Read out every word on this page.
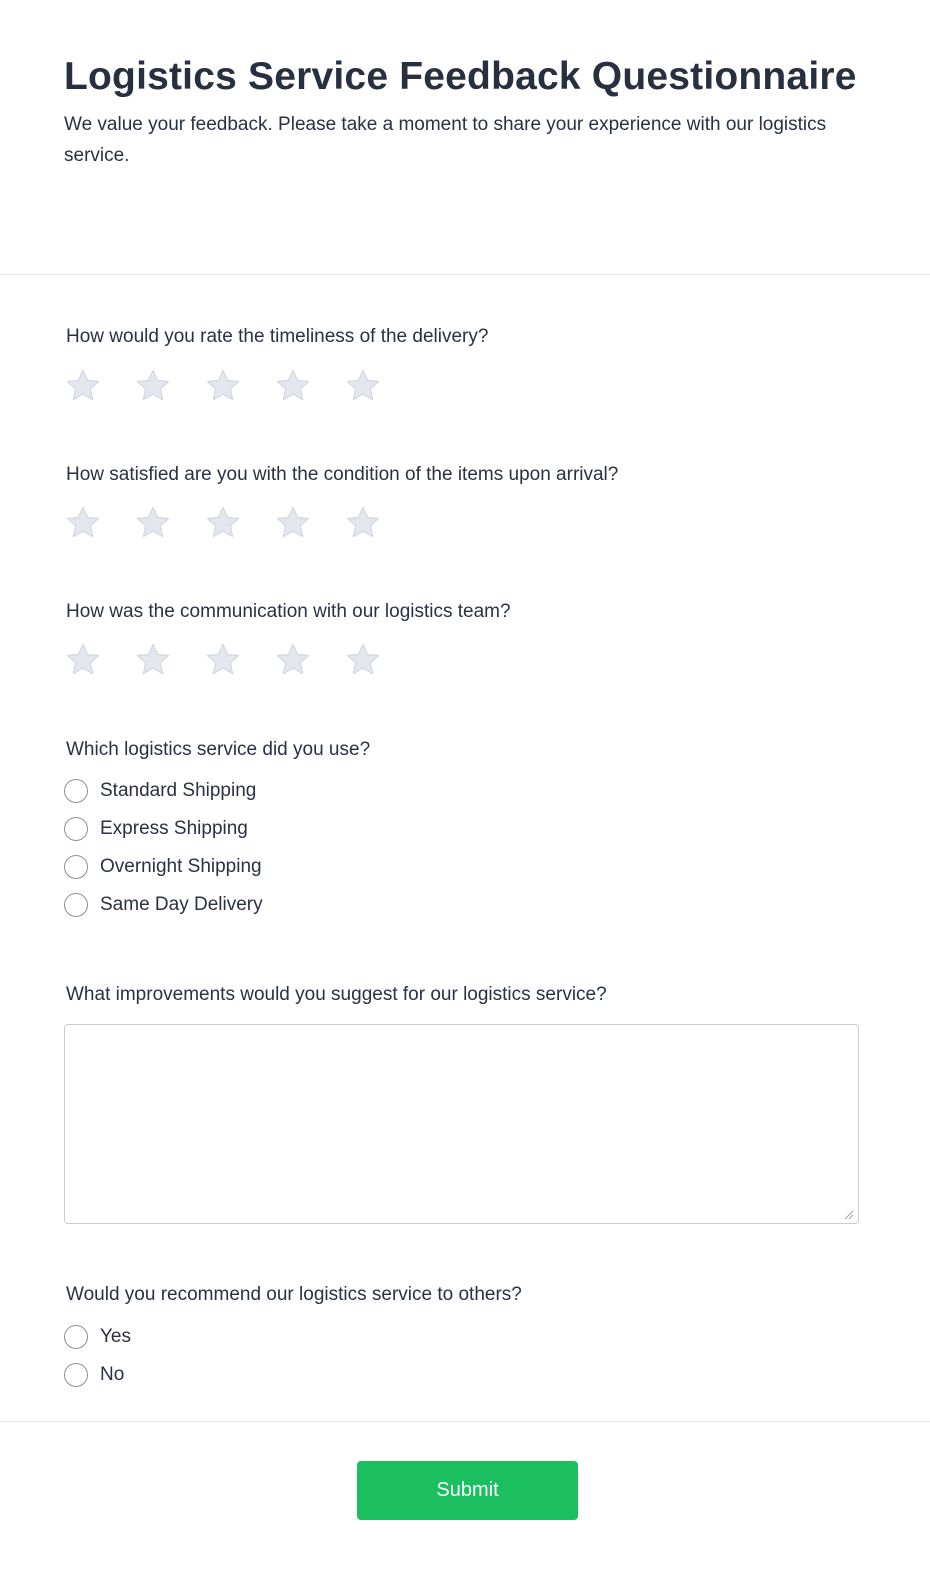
Logistics Service Feedback Questionnaire

We value your feedback. Please take a moment to share your experience with our logistics service.

How would you rate the timeliness of the delivery?
How satisfied are you with the condition of the items upon arrival?
How was the communication with our logistics team?
Which logistics service did you use?
Standard Shipping
Express Shipping
Overnight Shipping
Same Day Delivery
What improvements would you suggest for our logistics service?
Would you recommend our logistics service to others?
Yes
No
Submit
